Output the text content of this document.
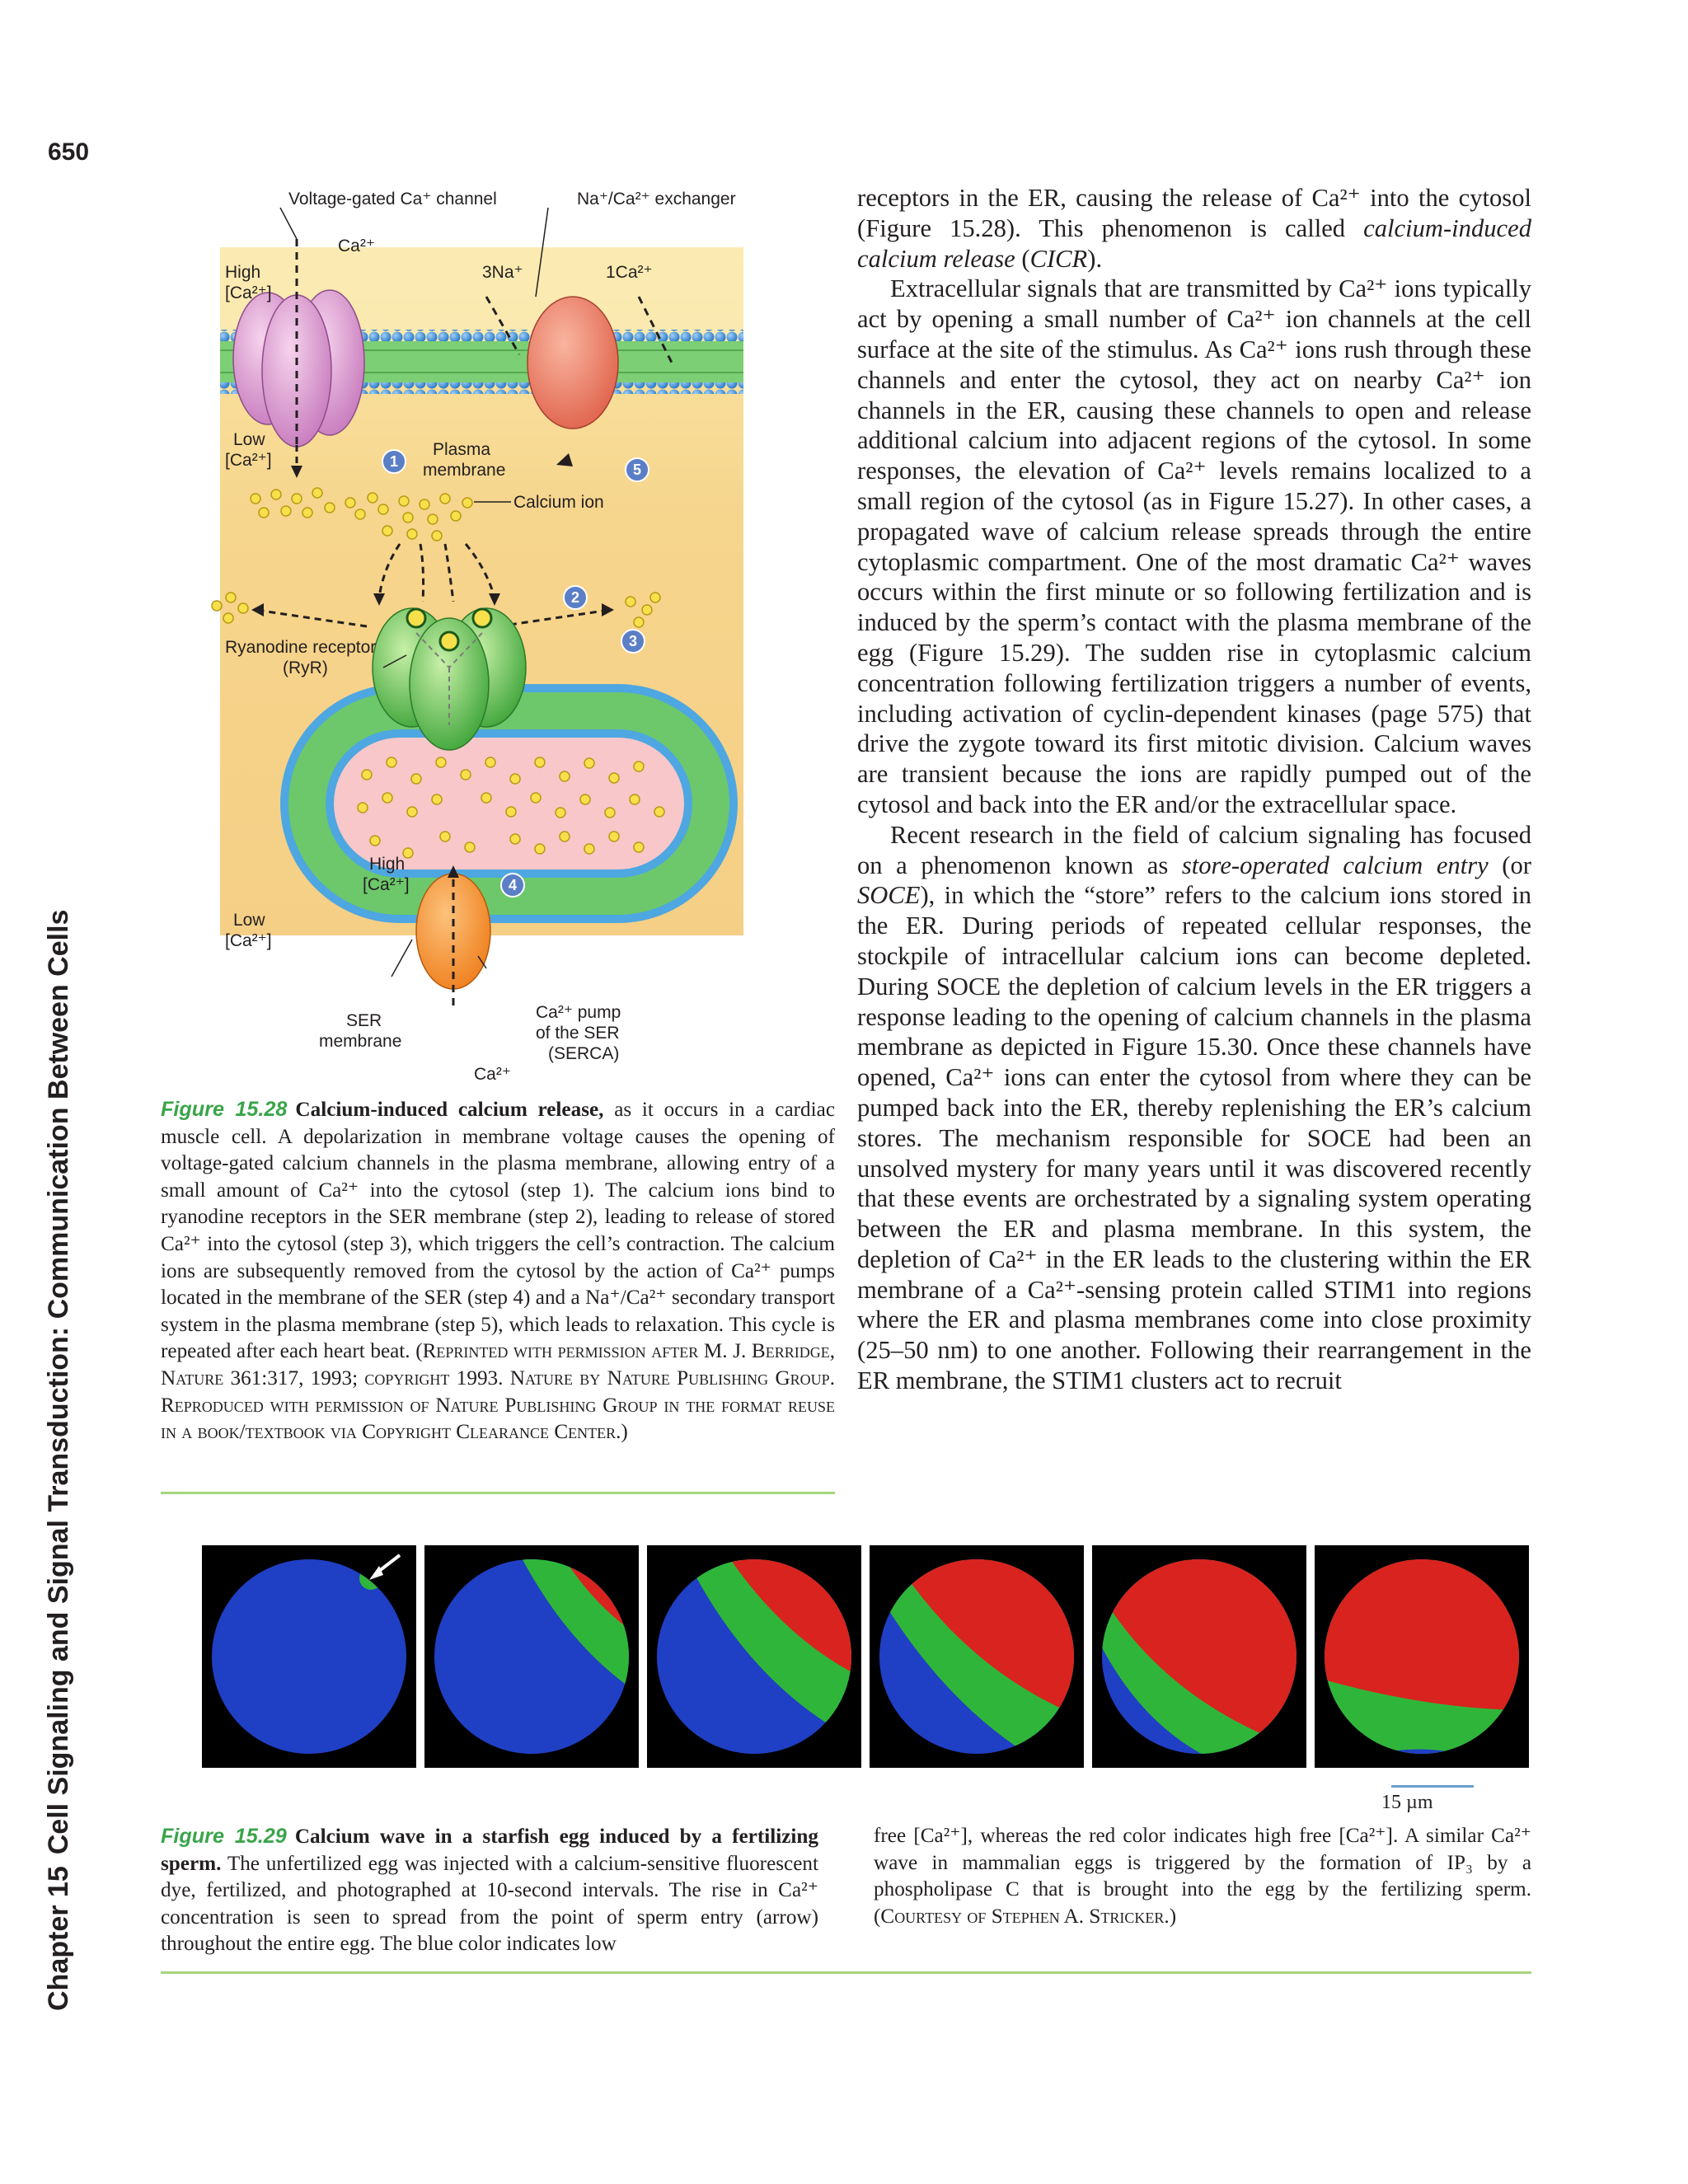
650
Chapter 15Cell Signaling and Signal Transduction: Communication Between Cells
1
2
3
4
5
Voltage-gated Ca⁺ channel	Na⁺/Ca²⁺ exchanger
Ca²⁺
High
[Ca²⁺]
3Na⁺	1Ca²⁺
Low
[Ca²⁺]
Plasma
membrane
Calcium ion
Ryanodine receptor
(RyR)
High
[Ca²⁺]
Low
[Ca²⁺]
SER
membrane
Ca²⁺ pump
of the SER
(SERCA)
Ca²⁺
Figure 15.28 Calcium-induced calcium release, as it occurs in a cardiac muscle cell. A depolarization in membrane voltage causes the opening of voltage-gated calcium channels in the plasma membrane, allowing entry of a small amount of Ca²⁺ into the cytosol (step 1). The calcium ions bind to ryanodine receptors in the SER membrane (step 2), leading to release of stored Ca²⁺ into the cytosol (step 3), which triggers the cell’s contraction. The calcium ions are subsequently removed from the cytosol by the action of Ca²⁺ pumps located in the membrane of the SER (step 4) and a Na⁺/Ca²⁺ secondary transport system in the plasma membrane (step 5), which leads to relaxation. This cycle is repeated after each heart beat. (Reprinted with permission after M. J. Berridge, Nature 361:317, 1993; copyright 1993. Nature by Nature Publishing Group. Reproduced with permission of Nature Publishing Group in the format reuse in a book/textbook via Copyright Clearance Center.)

receptors in the ER, causing the release of Ca²⁺ into the cytosol (Figure 15.28). This phenomenon is called calcium-induced calcium release (CICR).

Extracellular signals that are transmitted by Ca²⁺ ions typically act by opening a small number of Ca²⁺ ion channels at the cell surface at the site of the stimulus. As Ca²⁺ ions rush through these channels and enter the cytosol, they act on nearby Ca²⁺ ion channels in the ER, causing these channels to open and release additional calcium into adjacent regions of the cytosol. In some responses, the elevation of Ca²⁺ levels remains localized to a small region of the cytosol (as in Figure 15.27). In other cases, a propagated wave of calcium release spreads through the entire cytoplasmic compartment. One of the most dramatic Ca²⁺ waves occurs within the first minute or so following fertilization and is induced by the sperm’s contact with the plasma membrane of the egg (Figure 15.29). The sudden rise in cytoplasmic calcium concentration following fertilization triggers a number of events, including activation of cyclin-dependent kinases (page 575) that drive the zygote toward its first mitotic division. Calcium waves are transient because the ions are rapidly pumped out of the cytosol and back into the ER and/or the extracellular space.

Recent research in the field of calcium signaling has focused on a phenomenon known as store-operated calcium entry (or SOCE), in which the “store” refers to the calcium ions stored in the ER. During periods of repeated cellular responses, the stockpile of intracellular calcium ions can become depleted. During SOCE the depletion of calcium levels in the ER triggers a response leading to the opening of calcium channels in the plasma membrane as depicted in Figure 15.30. Once these channels have opened, Ca²⁺ ions can enter the cytosol from where they can be pumped back into the ER, thereby replenishing the ER’s calcium stores. The mechanism responsible for SOCE had been an unsolved mystery for many years until it was discovered recently that these events are orchestrated by a signaling system operating between the ER and plasma membrane. In this system, the depletion of Ca²⁺ in the ER leads to the clustering within the ER membrane of a Ca²⁺-sensing protein called STIM1 into regions where the ER and plasma membranes come into close proximity (25–50 nm) to one another. Following their rearrangement in the ER membrane, the STIM1 clusters act to recruit

15 µm
Figure 15.29 Calcium wave in a starfish egg induced by a fertilizing sperm. The unfertilized egg was injected with a calcium-sensitive fluorescent dye, fertilized, and photographed at 10-second intervals. The rise in Ca²⁺ concentration is seen to spread from the point of sperm entry (arrow) throughout the entire egg. The blue color indicates low
free [Ca²⁺], whereas the red color indicates high free [Ca²⁺]. A similar Ca²⁺ wave in mammalian eggs is triggered by the formation of IP₃ by a phospholipase C that is brought into the egg by the fertilizing sperm. (Courtesy of Stephen A. Stricker.)
